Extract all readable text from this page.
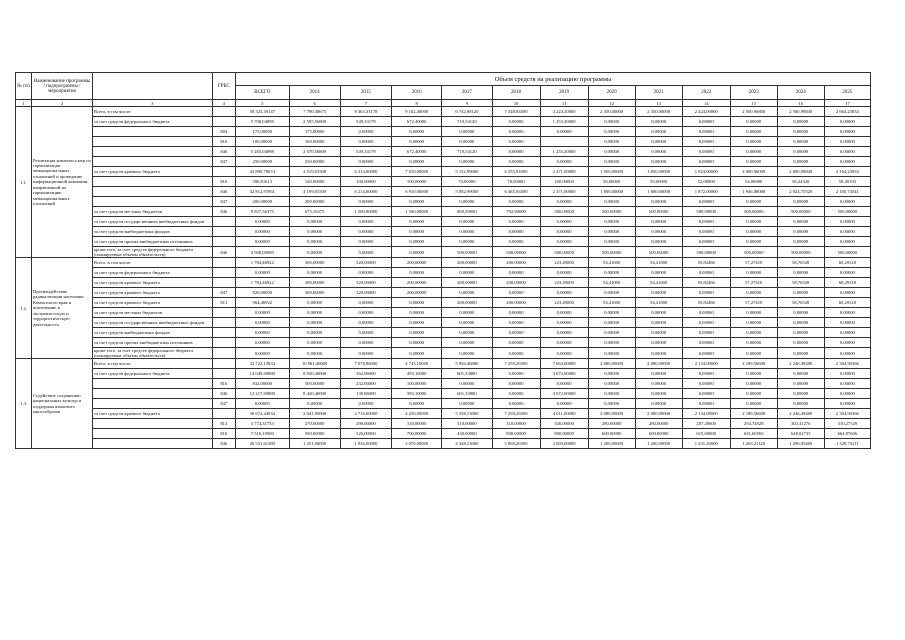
№ п/п	Наименование программы / подпрограммы / мероприятия		ГРБС	Объем средств на реализацию программы												
				ВСЕГО	2014	2015	2016	2017	2018	2019	2020	2021	2022	2023	2024	2025
1	2	3	4	5	6	7	8	9	10	11	12	13	14	15	16	17
1.1.	Реализация комплекса мер по гармонизации межнациональных отношений и проведение информационной кампании, направленной на гармонизацию межнациональных отношений	Всего, в том числе:		58 325,39147	7 790,38675	8 363,33178	9 182,40000	6 742,98120	7 348,84500	4 224,20000	2 350,00000	2 350,00000	2 424,00000	2 500,96800	2 580,99840	2 664,23834
		за счет средств федерального бюджета		5 700,04098	2 595,56800	549,33178	672,40000	719,54120	0,00000	1 253,20000	0,00000	0,00000	0,00000	0,00000	0,00000	0,00000
			804	175,00000	175,00000	0,00000	0,00000	0,00000	0,00000	0,00000	0,00000	0,00000	0,00000	0,00000	0,00000	0,00000
			816	100,00000	100,00000	0,00000	0,00000	0,00000	0,00000		0,00000	0,00000	0,00000	0,00000	0,00000	0,00000
			846	5 265,04098	2 070,56800	549,33178	672,40000	719,54120	0,00000	1 253,20000	0,00000	0,00000	0,00000	0,00000	0,00000	0,00000
			847	250,00000	250,00000	0,00000	0,00000	0,00000	0,00000	0,00000	0,00000	0,00000	0,00000	0,00000	0,00000	0,00000
		за счет средств краевого бюджета		43 899,78674	4 519,65500	6 314,00000	7 010,00000	5 152,99000	6 555,94500	2 471,00000	1 850,00000	1 850,00000	1 924,00000	2 000,96000	2 080,99840	2 164,23834
			816	580,81613	120,00000	100,00000	100,00000	70,00000	70,00000	100,00000	50,00000	50,00000	52,00000	54,08000	56,24320	58,49193
			846	42 812,97061	4 199,65500	6 214,00000	6 910,00000	5 082,99000	6 485,94500	2 371,00000	1 800,00000	1 800,00000	1 872,00000	1 946,88000	2 024,75520	2 105,74541
			847	200,00000	200,00000	0,00000	0,00000	0,00000	0,00000	0,00000	0,00000	0,00000	0,00000	0,00000	0,00000	0,00000
		за счет средств местных бюджетов	846	8 837,56375	675,16375	1 500,00000	1 500,00000	869,50000	792,90000	500,00000	500,00000	500,00000	500,00000	500,00000	500,00000	500,00000
		за счет средств государственных внебюджетных фондов		0,00000	0,00000	0,00000	0,00000	0,00000	0,00000	0,00000	0,00000	0,00000	0,00000	0,00000	0,00000	0,00000
		за счет средств внебюджетных фондов		0,00000	0,00000	0,00000	0,00000	0,00000	0,00000	0,00000	0,00000	0,00000	0,00000	0,00000	0,00000	0,00000
		за счет средств прочих внебюджетных источников		0,00000	0,00000	0,00000	0,00000	0,00000	0,00000	0,00000	0,00000	0,00000	0,00000	0,00000	0,00000	0,00000
		кроме того, за счет средств федерального бюджета (планируемые объемы обязательств)	846	4 500,00000	0,00000	0,00000	0,00000	500,00000	500,00000	500,00000	500,00000	500,00000	500,00000	500,00000	500,00000	500,00000
1.2.	Противодействие радикализации населения Камчатского края и вовлечению в экстремистскую и террористическую деятельность	Всего, в том числе:		1 784,46922	300,00000	320,00000	200,00000	200,00000	200,00000	223,49000	54,41000	54,41000	55,82466	57,27610	58,76528	60,29318
		за счет средств федерального бюджета		0,00000	0,00000	0,00000	0,00000	0,00000	0,00000	0,00000	0,00000	0,00000	0,00000	0,00000	0,00000	0,00000
		за счет средств краевого бюджета		1 784,46922	300,00000	320,00000	200,00000	200,00000	200,00000	223,49000	54,41000	54,41000	55,82466	57,27610	58,76528	60,29318
		за счет средств краевого бюджета	847	820,00000	300,00000	320,00000	200,00000	0,00000	0,00000	0,00000	0,00000	0,00000	0,00000	0,00000	0,00000	0,00000
		за счет средств краевого бюджета	813	964,46922	0,00000	0,00000	0,00000	200,00000	200,00000	223,49000	54,41000	54,41000	55,82466	57,27610	58,76528	60,29318
		за счет средств местных бюджетов		0,00000	0,00000	0,00000	0,00000	0,00000	0,00000	0,00000	0,00000	0,00000	0,00000	0,00000	0,00000	0,00000
		за счет средств государственных внебюджетных фондов		0,00000	0,00000	0,00000	0,00000	0,00000	0,00000	0,00000	0,00000	0,00000	0,00000	0,00000	0,00000	0,00000
		за счет средств внебюджетных фондов		0,00000	0,00000	0,00000	0,00000	0,00000	0,00000	0,00000	0,00000	0,00000	0,00000	0,00000	0,00000	0,00000
		за счет средств прочих внебюджетных источников		0,00000	0,00000	0,00000	0,00000	0,00000	0,00000	0,00000	0,00000	0,00000	0,00000	0,00000	0,00000	0,00000
		кроме того, за счет средств федерального бюджета (планируемые объемы обязательств)		0,00000	0,00000	0,00000	0,00000	0,00000	0,00000	0,00000	0,00000	0,00000	0,00000	0,00000	0,00000	0,00000
1.3	Содействие сохранению национальных культур и поддержка языкового многообразия	Всего, в том числе:		32 722,13834	10 961,40000	7 078,86000	4 743,10000	5 956,46880	7 259,26500	7 663,00000	2 080,00000	2 080,00000	2 134,08000	2 189,56608	2 246,49480	2 304,90366
		за счет средств федерального бюджета		14 049,69880	8 920,40000	362,86000	493,10000	601,33880	0,00000	3 672,00000	0,00000	0,00000	0,00000	0,00000	0,00000	0,00000
			816	832,00000	500,00000	232,00000	100,00000	0,00000	0,00000	0,00000	0,00000	0,00000	0,00000	0,00000	0,00000	0,00000
			846	12 217,69880	8 420,40000	130,86000	393,10000	601,33880	0,00000	3 672,00000	0,00000	0,00000	0,00000	0,00000	0,00000	0,00000
			847	0,00000	0,00000	0,00000	0,00000	0,00000	0,00000	0,00000	0,00000	0,00000	0,00000	0,00000	0,00000	0,00000
		за счет средств краевого бюджета		38 672,44034	2 041,00000	2 716,00000	4 250,00000	5 358,13000	7 259,26500	4 011,00000	2 080,00000	2 080,00000	2 134,08000	2 189,56608	2 246,49480	2 304,90366
			813	3 774,31753	270,00000	290,00000	310,00000	510,00000	310,00000	330,00000	280,00000	280,00000	287,28000	294,74928	302,41276	310,27549
			816	7 516,10900	500,00000	326,00000	700,00000	430,00000	800,00000	800,00000	600,00000	600,00000	615,60000	631,60560	648,02735	664,87606
			846	26 531,61380	1 251,00000	1 936,00000	3 070,00000	4 348,13000	5 869,26500	3 603,00000	1 200,00000	1 200,00000	1 231,20000	1 263,21120	1 296,05469	1 329,75211
